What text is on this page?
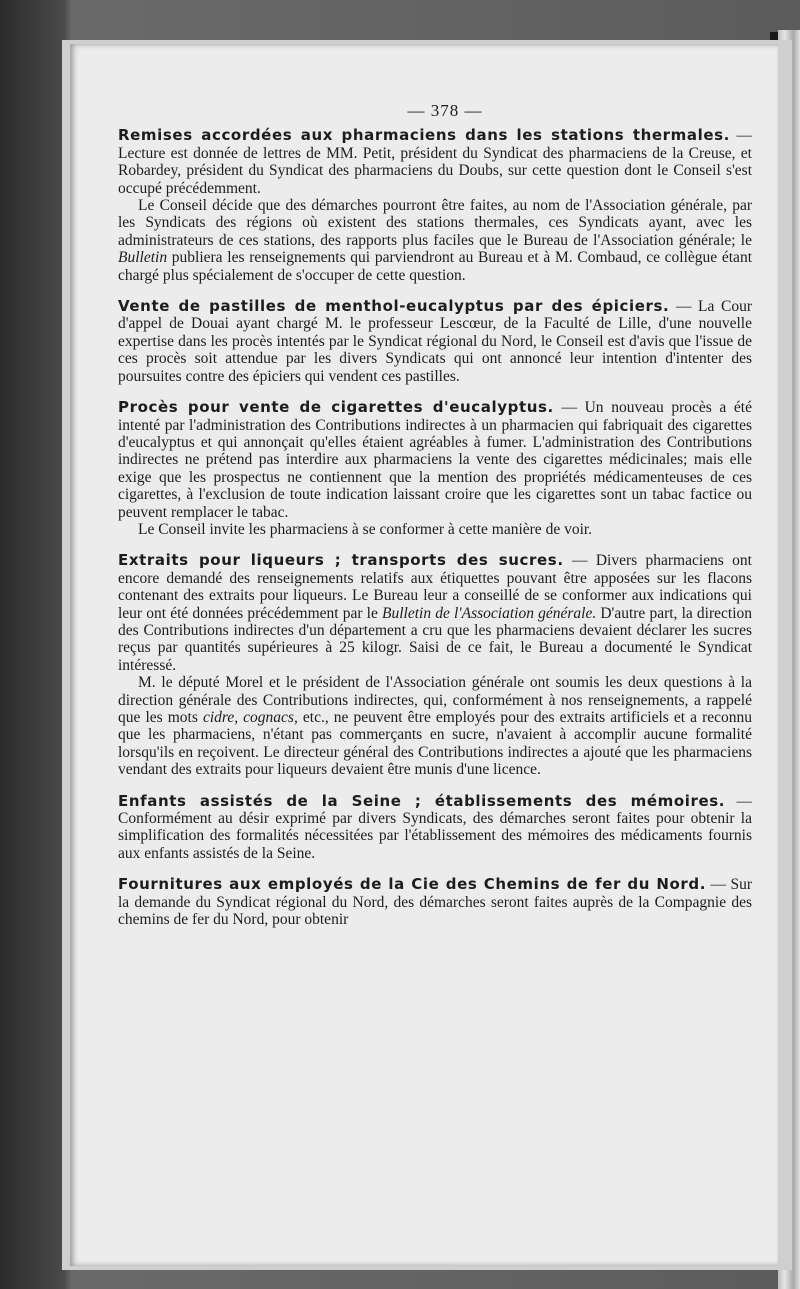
— 378 —

Remises accordées aux pharmaciens dans les stations thermales. — Lecture est donnée de lettres de MM. Petit, président du Syndicat des pharmaciens de la Creuse, et Robardey, président du Syndicat des pharmaciens du Doubs, sur cette question dont le Conseil s'est occupé précédemment.

Le Conseil décide que des démarches pourront être faites, au nom de l'Association générale, par les Syndicats des régions où existent des stations thermales, ces Syndicats ayant, avec les administrateurs de ces stations, des rapports plus faciles que le Bureau de l'Association générale; le Bulletin publiera les renseignements qui parviendront au Bureau et à M. Combaud, ce collègue étant chargé plus spécialement de s'occuper de cette question.

Vente de pastilles de menthol-eucalyptus par des épiciers. — La Cour d'appel de Douai ayant chargé M. le professeur Lescœur, de la Faculté de Lille, d'une nouvelle expertise dans les procès intentés par le Syndicat régional du Nord, le Conseil est d'avis que l'issue de ces procès soit attendue par les divers Syndicats qui ont annoncé leur intention d'intenter des poursuites contre des épiciers qui vendent ces pastilles.

Procès pour vente de cigarettes d'eucalyptus. — Un nouveau procès a été intenté par l'administration des Contributions indirectes à un pharmacien qui fabriquait des cigarettes d'eucalyptus et qui annonçait qu'elles étaient agréables à fumer. L'administration des Contributions indirectes ne prétend pas interdire aux pharmaciens la vente des cigarettes médicinales; mais elle exige que les prospectus ne contiennent que la mention des propriétés médicamenteuses de ces cigarettes, à l'exclusion de toute indication laissant croire que les cigarettes sont un tabac factice ou peuvent remplacer le tabac.

Le Conseil invite les pharmaciens à se conformer à cette manière de voir.

Extraits pour liqueurs ; transports des sucres. — Divers pharmaciens ont encore demandé des renseignements relatifs aux étiquettes pouvant être apposées sur les flacons contenant des extraits pour liqueurs. Le Bureau leur a conseillé de se conformer aux indications qui leur ont été données précédemment par le Bulletin de l'Association générale. D'autre part, la direction des Contributions indirectes d'un département a cru que les pharmaciens devaient déclarer les sucres reçus par quantités supérieures à 25 kilogr. Saisi de ce fait, le Bureau a documenté le Syndicat intéressé.

M. le député Morel et le président de l'Association générale ont soumis les deux questions à la direction générale des Contributions indirectes, qui, conformément à nos renseignements, a rappelé que les mots cidre, cognacs, etc., ne peuvent être employés pour des extraits artificiels et a reconnu que les pharmaciens, n'étant pas commerçants en sucre, n'avaient à accomplir aucune formalité lorsqu'ils en reçoivent. Le directeur général des Contributions indirectes a ajouté que les pharmaciens vendant des extraits pour liqueurs devaient être munis d'une licence.

Enfants assistés de la Seine ; établissements des mémoires. — Conformément au désir exprimé par divers Syndicats, des démarches seront faites pour obtenir la simplification des formalités nécessitées par l'établissement des mémoires des médicaments fournis aux enfants assistés de la Seine.

Fournitures aux employés de la Cie des Chemins de fer du Nord. — Sur la demande du Syndicat régional du Nord, des démarches seront faites auprès de la Compagnie des chemins de fer du Nord, pour obtenir
